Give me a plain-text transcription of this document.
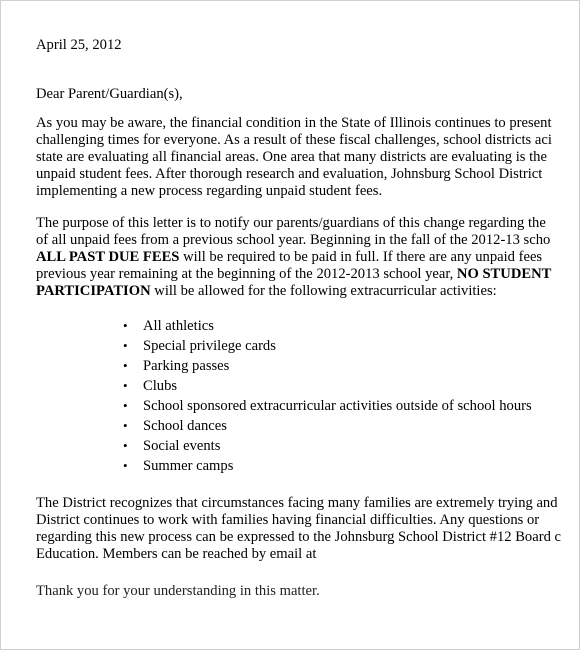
April 25, 2012
Dear Parent/Guardian(s),
As you may be aware, the financial condition in the State of Illinois continues to present
challenging times for everyone. As a result of these fiscal challenges, school districts aci
state are evaluating all financial areas. One area that many districts are evaluating is the
unpaid student fees. After thorough research and evaluation, Johnsburg School District
implementing a new process regarding unpaid student fees.
The purpose of this letter is to notify our parents/guardians of this change regarding the
of all unpaid fees from a previous school year. Beginning in the fall of the 2012-13 scho
ALL PAST DUE FEES will be required to be paid in full. If there are any unpaid fees
previous year remaining at the beginning of the 2012-2013 school year, NO STUDENT
PARTICIPATION will be allowed for the following extracurricular activities:
• All athletics
• Special privilege cards
• Parking passes
• Clubs
• School sponsored extracurricular activities outside of school hours
• School dances
• Social events
• Summer camps
The District recognizes that circumstances facing many families are extremely trying and
District continues to work with families having financial difficulties. Any questions or
regarding this new process can be expressed to the Johnsburg School District #12 Board c
Education. Members can be reached by email at
Thank you for your understanding in this matter.
